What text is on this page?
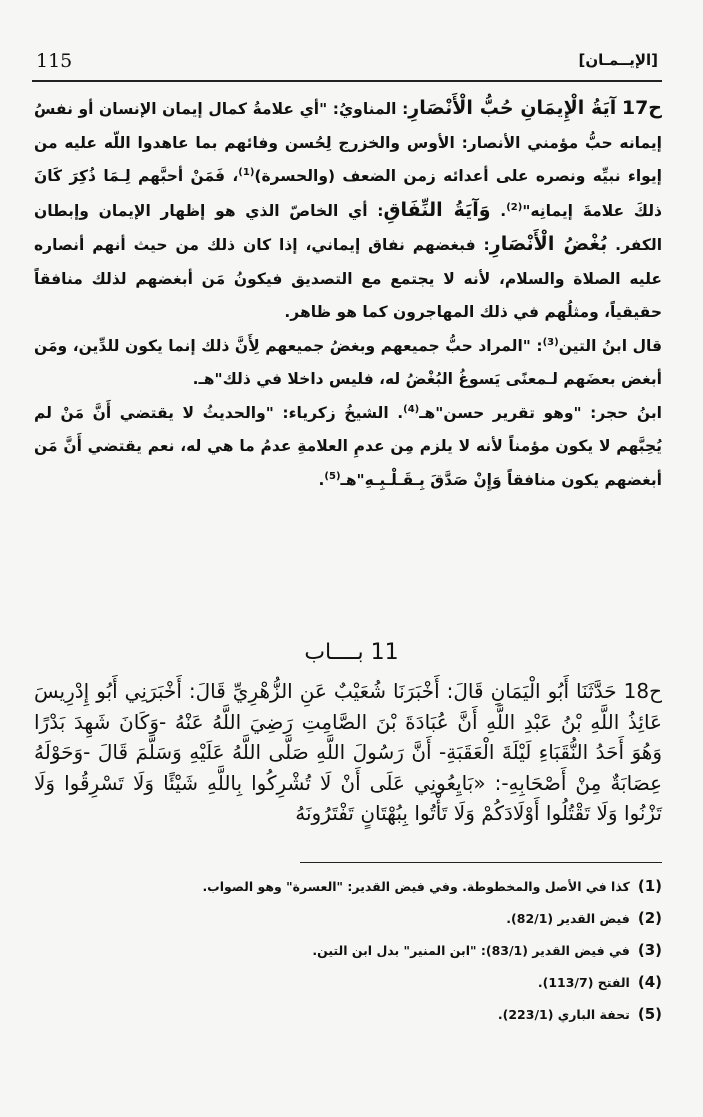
115	[الإيــمـان]

ح17 آيَةُ الْإِيمَانِ حُبُّ الْأَنْصَارِ: المناويُ: "أي علامةُ كمال إيمان الإنسان أو نفسُ إيمانه حبُّ مؤمني الأنصار: الأوس والخزرج لِحُسن وفائهم بما عاهدوا اللّه عليه من إيواء نبيِّه ونصره على أعدائه زمن الضعف (والحسرة)$^{(1)}$، فَمَنْ أحبَّهم لِـمَا ذُكِرَ كَانَ ذلكَ علامةَ إيمانِه"$^{(2)}$. وَآيَةُ النِّفَاقِ: أي الخاصّ الذي هو إظهار الإيمان وإبطان الكفر. بُغْضُ الْأَنْصَارِ: فبغضهم نفاق إيماني، إذا كان ذلك من حيث أنهم أنصاره عليه الصلاة والسلام، لأنه لا يجتمع مع التصديق فيكونُ مَن أبغضهم لذلك منافقاً حقيقياً، ومثلُهم في ذلك المهاجرون كما هو ظاهر.

قال ابنُ التين$^{(3)}$: "المراد حبُّ جميعهم وبغضُ جميعهم لِأَنَّ ذلك إنما يكون للدِّين، ومَن أبغض بعضَهم لـمعنًى يَسوغُ البُغْضُ له، فليس داخلا في ذلك"هـ.

ابنُ حجر: "وهو تقرير حسن"هـ$^{(4)}$. الشيخُ زكرياء: "والحديثُ لا يقتضي أَنَّ مَنْ لم يُحِبَّهم لا يكون مؤمناً لأنه لا يلزم مِن عدمِ العلامةِ عدمُ ما هي له، نعم يقتضي أَنَّ مَن أبغضهم يكون منافقاً وَإِنْ صَدَّقَ بِـقَـلْـبِـهِ"هـ$^{(5)}$.

11 بــــاب

ح18 حَدَّثَنَا أَبُو الْيَمَانِ قَالَ: أَخْبَرَنَا شُعَيْبٌ عَنِ الزُّهْرِيِّ قَالَ: أَخْبَرَنِي أَبُو إِدْرِيسَ عَائِذُ اللَّهِ بْنُ عَبْدِ اللَّهِ أَنَّ عُبَادَةَ بْنَ الصَّامِتِ رَضِيَ اللَّهُ عَنْهُ -وَكَانَ شَهِدَ بَدْرًا وَهُوَ أَحَدُ النُّقَبَاءِ لَيْلَةَ الْعَقَبَةِ- أَنَّ رَسُولَ اللَّهِ صَلَّى اللَّهُ عَلَيْهِ وَسَلَّمَ قَالَ -وَحَوْلَهُ عِصَابَةٌ مِنْ أَصْحَابِهِ-: «بَايِعُونِي عَلَى أَنْ لَا تُشْرِكُوا بِاللَّهِ شَيْئًا وَلَا تَسْرِقُوا وَلَا تَزْنُوا وَلَا تَقْتُلُوا أَوْلَادَكُمْ وَلَا تَأْتُوا بِبُهْتَانٍ تَفْتَرُونَهُ

(1)كذا في الأصل والمخطوطة. وفي فيض القدير: "العسرة" وهو الصواب.
(2)فيض القدير (82/1).
(3)في فيض القدير (83/1): "ابن المنير" بدل ابن التين.
(4)الفتح (113/7).
(5)تحفة الباري (223/1).
